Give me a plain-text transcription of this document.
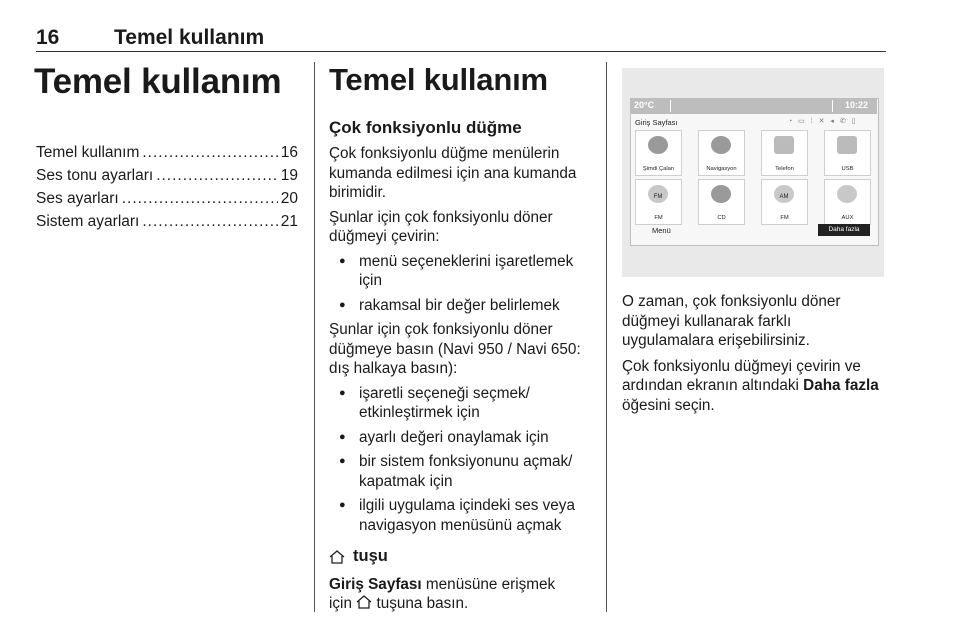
16	Temel kullanım
Temel kullanım
Temel kullanım .....	16
Ses tonu ayarları .....	19
Ses ayarları .....	20
Sistem ayarları .....	21
Temel kullanım
Çok fonksiyonlu düğme

Çok fonksiyonlu düğme menülerin kumanda edilmesi için ana kumanda birimidir.

Şunlar için çok fonksiyonlu döner düğmeyi çevirin:

● menü seçeneklerini işaretlemek için
● rakamsal bir değer belirlemek

Şunlar için çok fonksiyonlu döner düğmeye basın (Navi 950 / Navi 650: dış halkaya basın):

● işaretli seçeneği seçmek/ etkinleştirmek için
● ayarlı değeri onaylamak için
● bir sistem fonksiyonunu açmak/ kapatmak için
● ilgili uygulama içindeki ses veya navigasyon menüsünü açmak
tuşu

Giriş Sayfası menüsüne erişmek
için  tuşuna basın.

20°C	10:22
Giriş Sayfası	◔ ▭ ⁞ ✕ ◂ ✆ ▯
Şimdi Çalan	Navigasyon	Telefon	USB
FM
FM	CD
AM
FM	AUX
Menü	Daha fazla

O zaman, çok fonksiyonlu döner düğmeyi kullanarak farklı uygulamalara erişebilirsiniz.

Çok fonksiyonlu düğmeyi çevirin ve ardından ekranın altındaki Daha fazla öğesini seçin.
